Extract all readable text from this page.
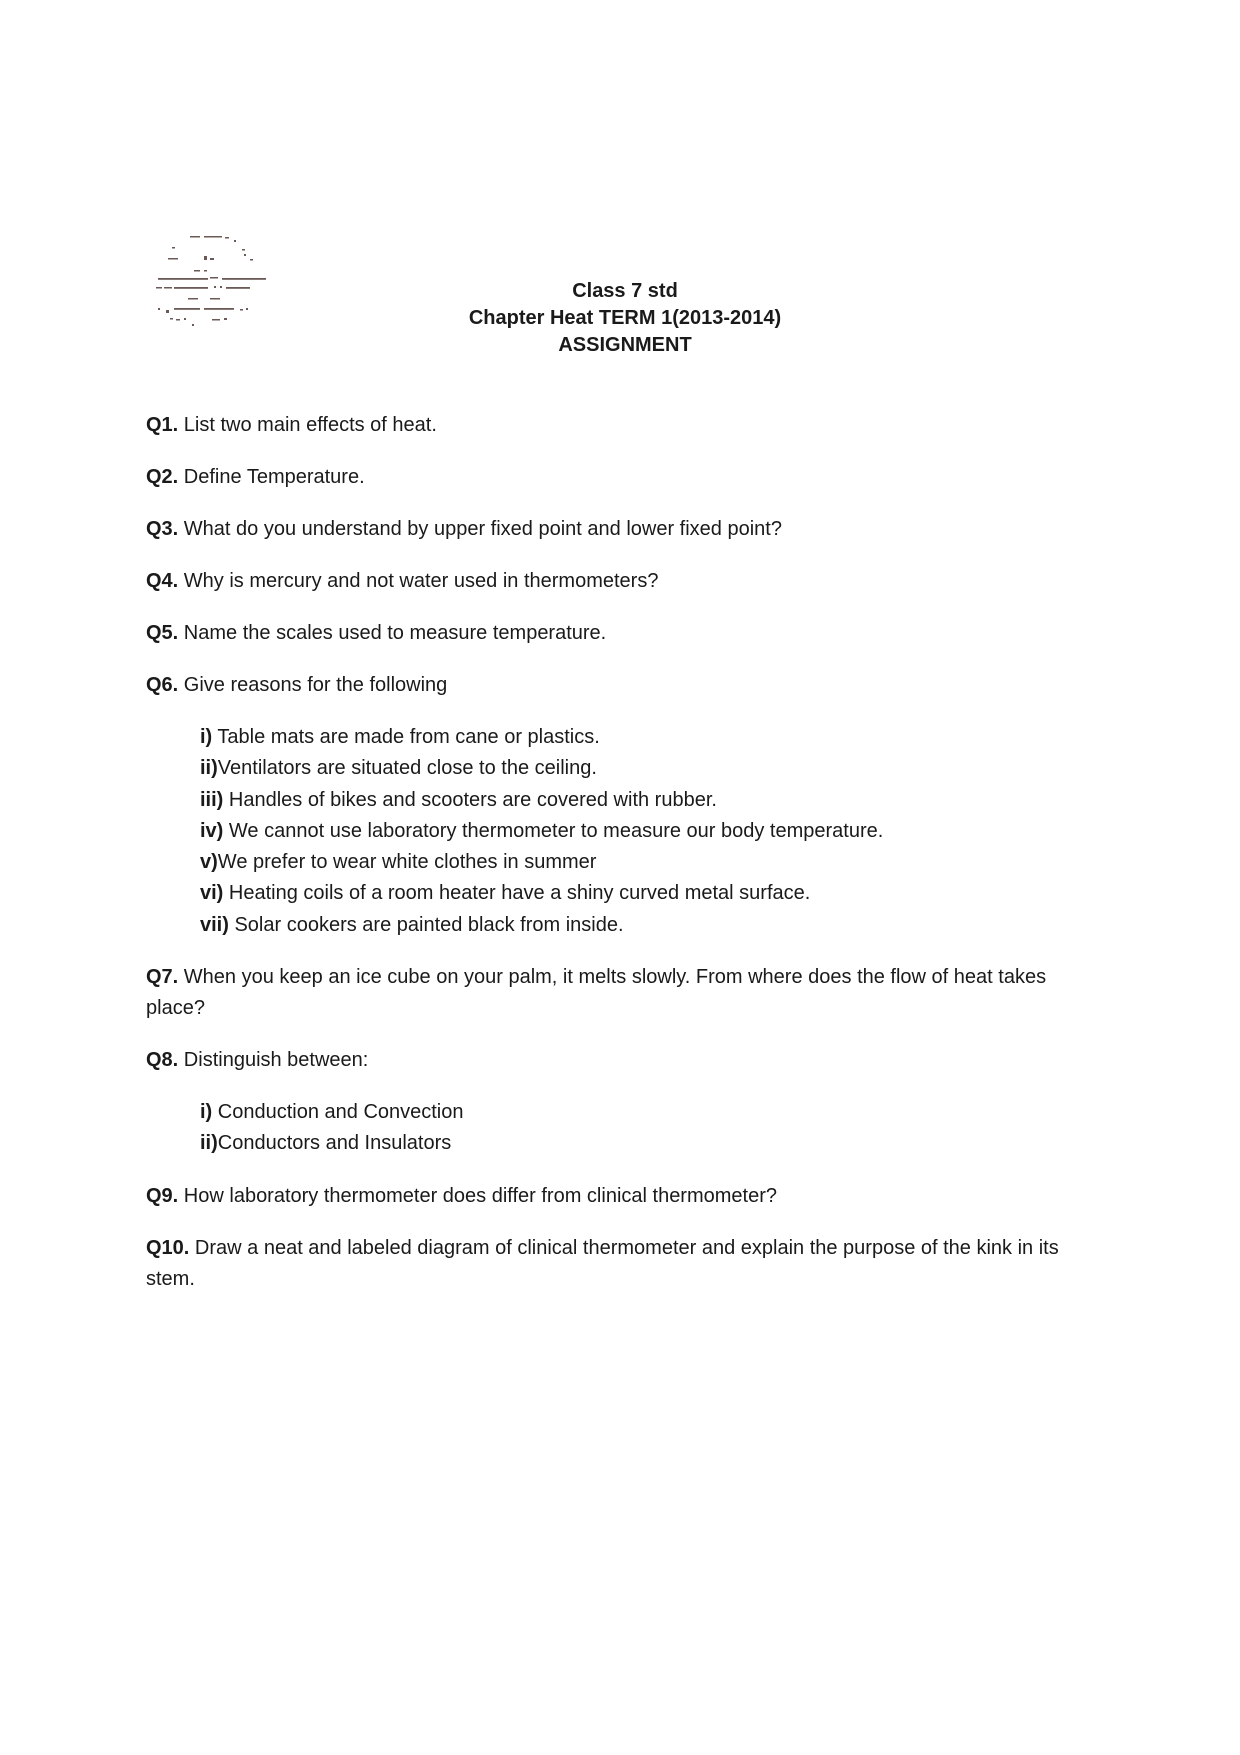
Class 7 std
Chapter Heat TERM 1(2013-2014)
ASSIGNMENT
Q1. List two main effects of heat.
Q2. Define Temperature.
Q3. What do you understand by upper fixed point and lower fixed point?
Q4. Why is mercury and not water used in thermometers?
Q5. Name the scales used to measure temperature.
Q6. Give reasons for the following
i) Table mats are made from cane or plastics.
ii)Ventilators are situated close to the ceiling.
iii) Handles of bikes and scooters are covered with rubber.
iv) We cannot use laboratory thermometer to measure our body temperature.
v)We prefer to wear white clothes in summer
vi) Heating coils of a room heater have a shiny curved metal surface.
vii) Solar cookers are painted black from inside.
Q7. When you keep an ice cube on your palm, it melts slowly. From where does the flow of heat takes place?
Q8. Distinguish between:
i) Conduction and Convection
ii)Conductors and Insulators
Q9. How laboratory thermometer does differ from clinical thermometer?
Q10. Draw a neat and labeled diagram of clinical thermometer and explain the purpose of the kink in its stem.
